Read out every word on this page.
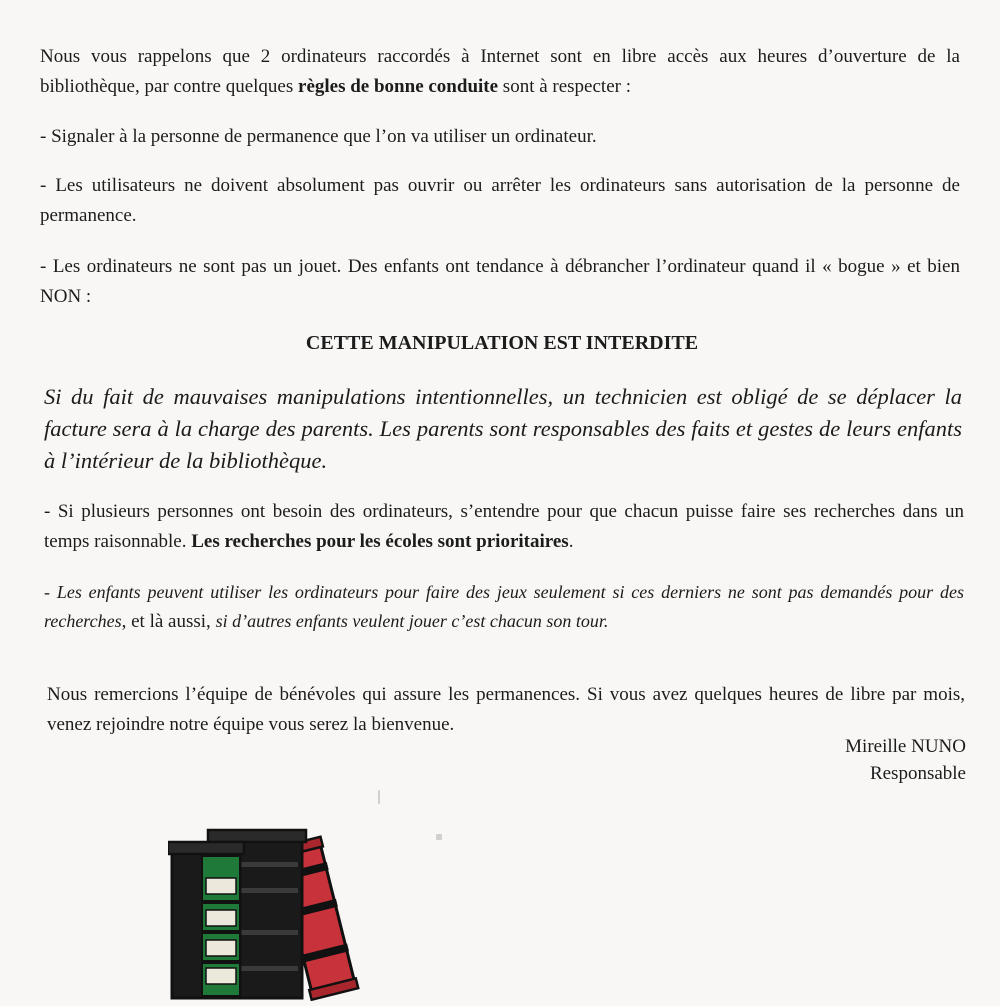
Nous vous rappelons que 2 ordinateurs raccordés à Internet sont en libre accès aux heures d’ouverture de la bibliothèque, par contre quelques règles de bonne conduite sont à respecter :

- Signaler à la personne de permanence que l’on va utiliser un ordinateur.

- Les utilisateurs ne doivent absolument pas ouvrir ou arrêter les ordinateurs sans autorisation de la personne de permanence.

- Les ordinateurs ne sont pas un jouet. Des enfants ont tendance à débrancher l’ordinateur quand il « bogue » et bien NON :

CETTE MANIPULATION EST INTERDITE

Si du fait de mauvaises manipulations intentionnelles, un technicien est obligé de se déplacer la facture sera à la charge des parents. Les parents sont responsables des faits et gestes de leurs enfants à l’intérieur de la bibliothèque.

- Si plusieurs personnes ont besoin des ordinateurs, s’entendre pour que chacun puisse faire ses recherches dans un temps raisonnable. Les recherches pour les écoles sont prioritaires.

- Les enfants peuvent utiliser les ordinateurs pour faire des jeux seulement si ces derniers ne sont pas demandés pour des recherches, et là aussi, si d’autres enfants veulent jouer c’est chacun son tour.

Nous remercions l’équipe de bénévoles qui assure les permanences. Si vous avez quelques heures de libre par mois, venez rejoindre notre équipe vous serez la bienvenue.

Mireille NUNO

Responsable
